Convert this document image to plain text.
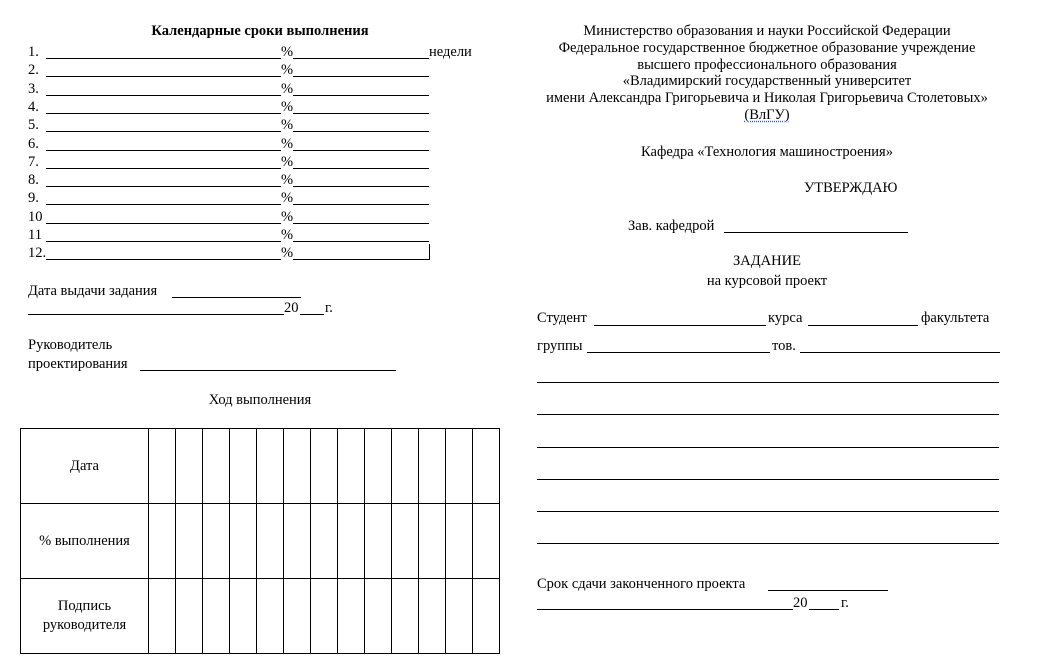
Календарные сроки выполнения
1.	%	недели
2.	%
3.	%
4.	%
5.	%
6.	%
7.	%
8.	%
9.	%
10	%
11	%
12.	%
Дата выдачи задания
20 г.
Руководитель
проектирования
Ход выполнения
Дата													
% выполнения													
Подпись
руководителя													
Министерство образования и науки Российской Федерации
Федеральное государственное бюджетное образование учреждение
высшего профессионального образования
«Владимирский государственный университет
имени Александра Григорьевича и Николая Григорьевича Столетовых»
(ВлГУ)
Кафедра «Технология машиностроения»
УТВЕРЖДАЮ
Зав. кафедрой
ЗАДАНИЕ
на курсовой проект
Студент	курса	факультета
группы	тов.
Срок сдачи законченного проекта
20 г.
